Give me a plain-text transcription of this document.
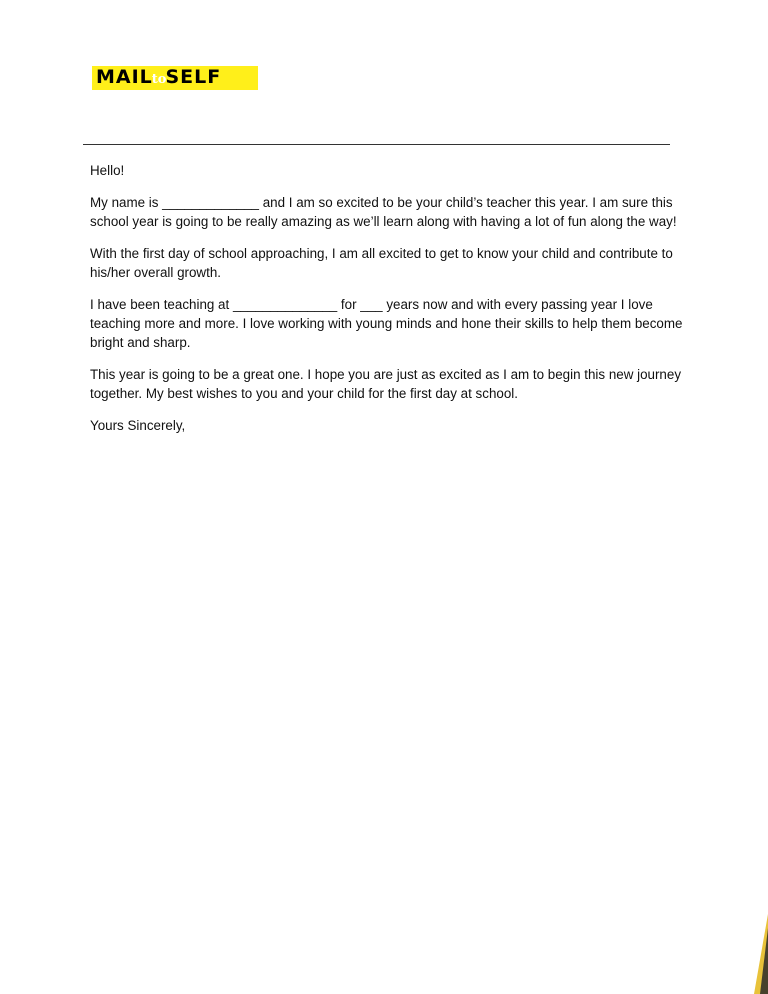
MAILtoSELF

Hello!

My name is _____________ and I am so excited to be your child’s teacher this year. I am sure this school year is going to be really amazing as we’ll learn along with having a lot of fun along the way!

With the first day of school approaching, I am all excited to get to know your child and contribute to his/her overall growth.

I have been teaching at ______________ for ___ years now and with every passing year I love teaching more and more. I love working with young minds and hone their skills to help them become bright and sharp.

This year is going to be a great one. I hope you are just as excited as I am to begin this new journey together. My best wishes to you and your child for the first day at school.

Yours Sincerely,
